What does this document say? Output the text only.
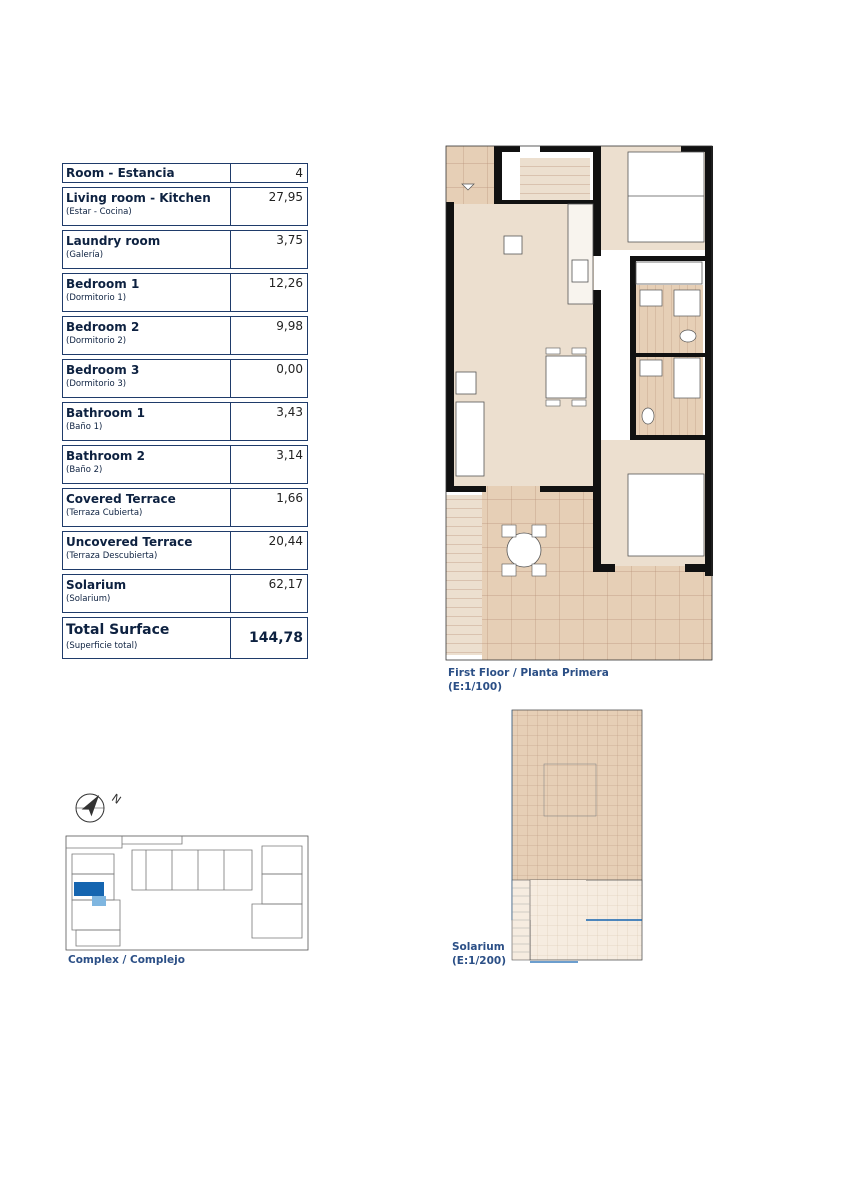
Room - Estancia	4
Living room - Kitchen
(Estar - Cocina)
27,95
Laundry room
(Galería)
3,75
Bedroom 1
(Dormitorio 1)
12,26
Bedroom 2
(Dormitorio 2)
9,98
Bedroom 3
(Dormitorio 3)
0,00
Bathroom 1
(Baño 1)
3,43
Bathroom 2
(Baño 2)
3,14
Covered Terrace
(Terraza Cubierta)
1,66
Uncovered Terrace
(Terraza Descubierta)
20,44
Solarium
(Solarium)
62,17
Total Surface
(Superficie total)	144,78
First Floor / Planta Primera
(E:1/100)
Solarium
(E:1/200)
N
Complex / Complejo
